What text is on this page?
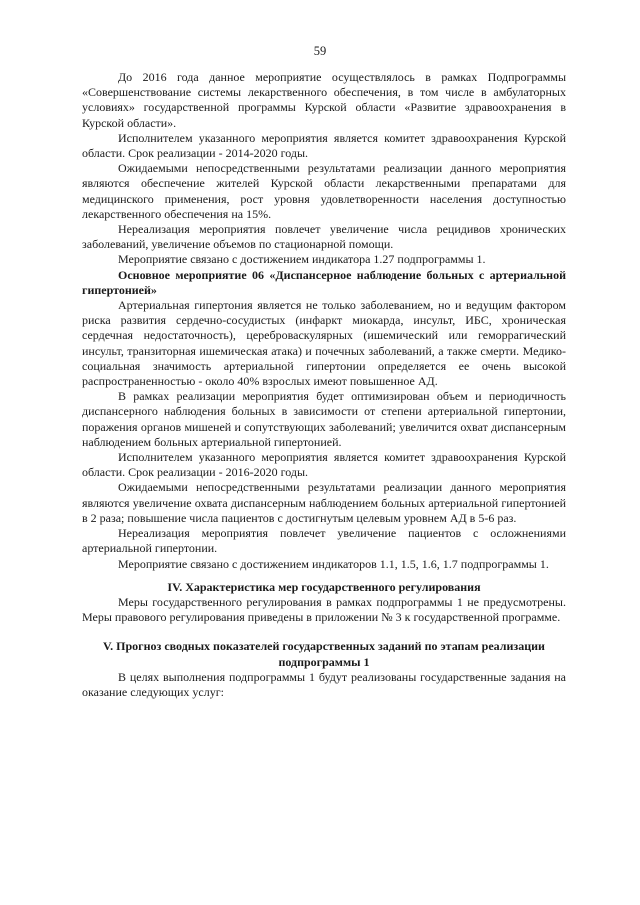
59

До 2016 года данное мероприятие осуществлялось в рамках Подпрограммы «Совершенствование системы лекарственного обеспечения, в том числе в амбулаторных условиях» государственной программы Курской области «Развитие здравоохранения в Курской области».

Исполнителем указанного мероприятия является комитет здравоохранения Курской области. Срок реализации - 2014-2020 годы.

Ожидаемыми непосредственными результатами реализации данного мероприятия являются обеспечение жителей Курской области лекарственными препаратами для медицинского применения, рост уровня удовлетворенности населения доступностью лекарственного обеспечения на 15%.

Нереализация мероприятия повлечет увеличение числа рецидивов хронических заболеваний, увеличение объемов по стационарной помощи.

Мероприятие связано с достижением индикатора 1.27 подпрограммы 1.

Основное мероприятие 06 «Диспансерное наблюдение больных с артериальной гипертонией»

Артериальная гипертония является не только заболеванием, но и ведущим фактором риска развития сердечно-сосудистых (инфаркт миокарда, инсульт, ИБС, хроническая сердечная недостаточность), цереброваскулярных (ишемический или геморрагический инсульт, транзиторная ишемическая атака) и почечных заболеваний, а также смерти. Медико-социальная значимость артериальной гипертонии определяется ее очень высокой распространенностью - около 40% взрослых имеют повышенное АД.

В рамках реализации мероприятия будет оптимизирован объем и периодичность диспансерного наблюдения больных в зависимости от степени артериальной гипертонии, поражения органов мишеней и сопутствующих заболеваний; увеличится охват диспансерным наблюдением больных артериальной гипертонией.

Исполнителем указанного мероприятия является комитет здравоохранения Курской области. Срок реализации - 2016-2020 годы.

Ожидаемыми непосредственными результатами реализации данного мероприятия являются увеличение охвата диспансерным наблюдением больных артериальной гипертонией в 2 раза; повышение числа пациентов с достигнутым целевым уровнем АД в 5-6 раз.

Нереализация мероприятия повлечет увеличение пациентов с осложнениями артериальной гипертонии.

Мероприятие связано с достижением индикаторов 1.1, 1.5, 1.6, 1.7 подпрограммы 1.

IV. Характеристика мер государственного регулирования

Меры государственного регулирования в рамках подпрограммы 1 не предусмотрены. Меры правового регулирования приведены в приложении № 3 к государственной программе.

V. Прогноз сводных показателей государственных заданий по этапам реализации подпрограммы 1

В целях выполнения подпрограммы 1 будут реализованы государственные задания на оказание следующих услуг:
